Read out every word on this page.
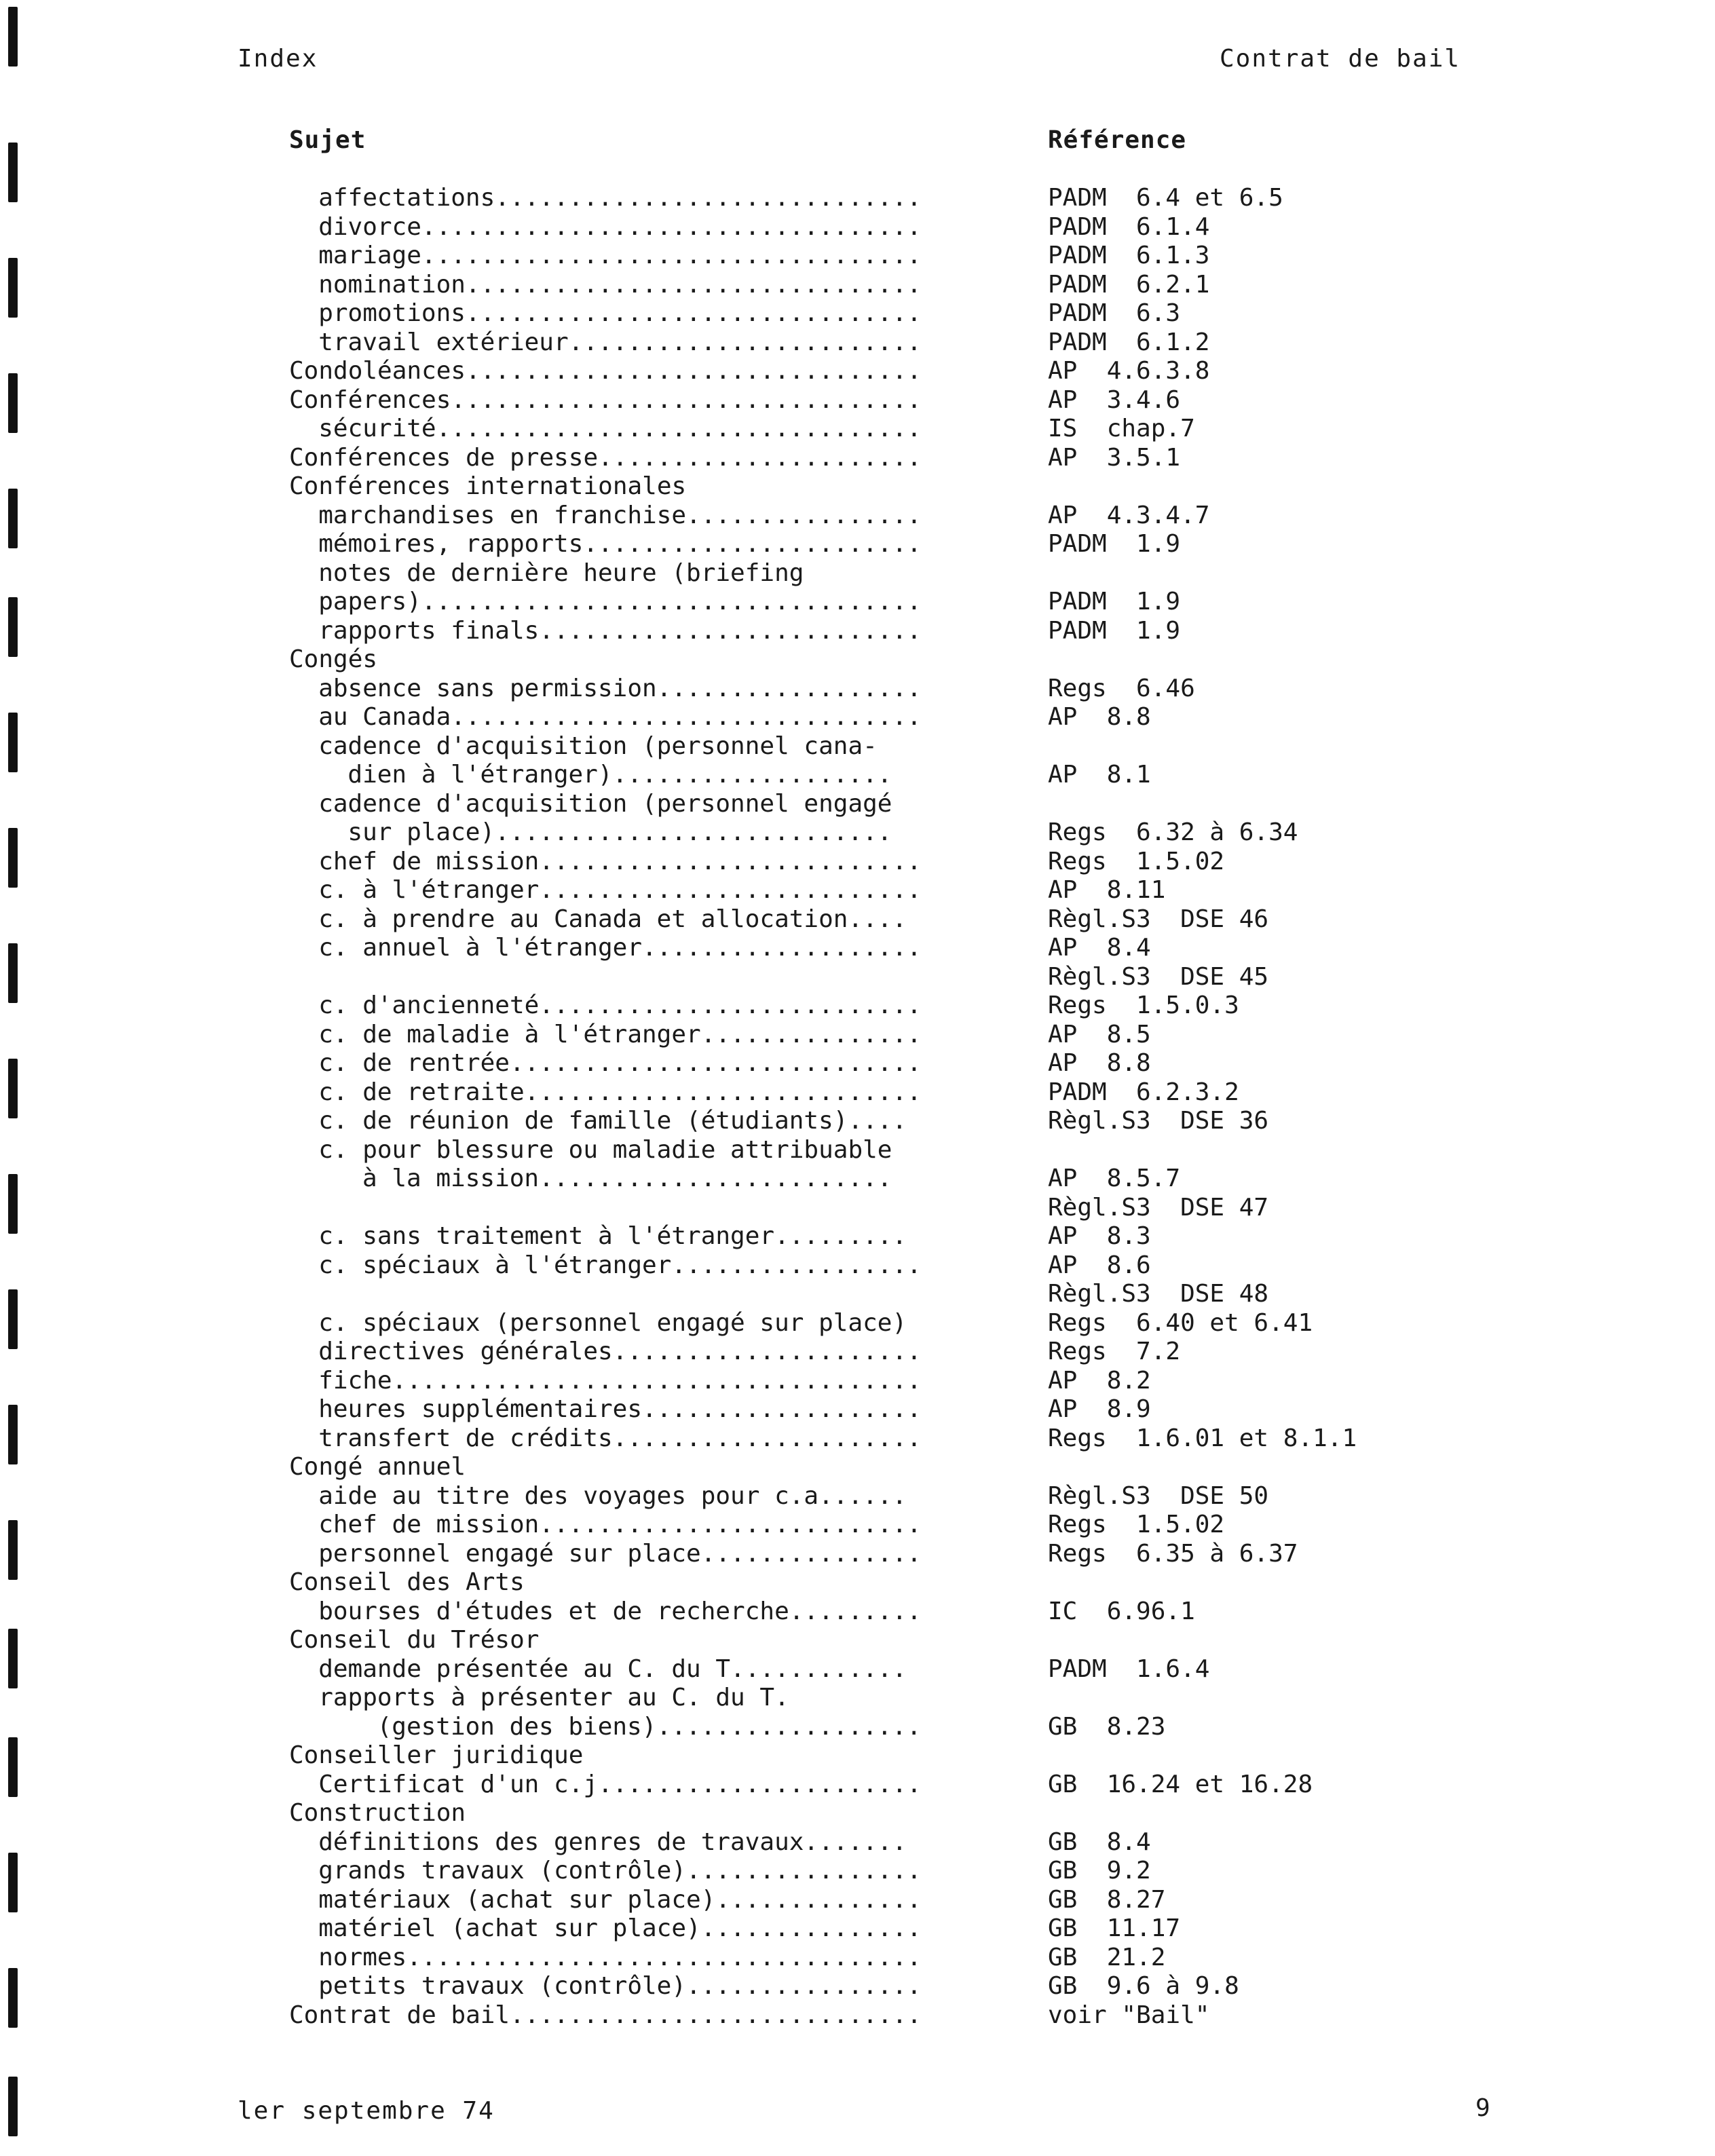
Index	Contrat de bail
Sujet	Référence
affectations.............................	PADM  6.4 et 6.5
divorce..................................	PADM  6.1.4
mariage..................................	PADM  6.1.3
nomination...............................	PADM  6.2.1
promotions...............................	PADM  6.3
travail extérieur........................	PADM  6.1.2
Condoléances...............................	AP  4.6.3.8
Conférences................................	AP  3.4.6
sécurité.................................	IS  chap.7
Conférences de presse......................	AP  3.5.1
Conférences internationales
marchandises en franchise................	AP  4.3.4.7
mémoires, rapports.......................	PADM  1.9
notes de dernière heure (briefing
papers)..................................	PADM  1.9
rapports finals..........................	PADM  1.9
Congés
absence sans permission..................	Regs  6.46
au Canada................................	AP  8.8
cadence d'acquisition (personnel cana-
dien à l'étranger)...................	AP  8.1
cadence d'acquisition (personnel engagé
sur place)...........................	Regs  6.32 à 6.34
chef de mission..........................	Regs  1.5.02
c. à l'étranger..........................	AP  8.11
c. à prendre au Canada et allocation....	Règl.S3  DSE 46
c. annuel à l'étranger...................	AP  8.4
Règl.S3  DSE 45
c. d'ancienneté..........................	Regs  1.5.0.3
c. de maladie à l'étranger...............	AP  8.5
c. de rentrée............................	AP  8.8
c. de retraite...........................	PADM  6.2.3.2
c. de réunion de famille (étudiants)....	Règl.S3  DSE 36
c. pour blessure ou maladie attribuable
à la mission........................	AP  8.5.7
Règl.S3  DSE 47
c. sans traitement à l'étranger.........	AP  8.3
c. spéciaux à l'étranger.................	AP  8.6
Règl.S3  DSE 48
c. spéciaux (personnel engagé sur place)	Regs  6.40 et 6.41
directives générales.....................	Regs  7.2
fiche....................................	AP  8.2
heures supplémentaires...................	AP  8.9
transfert de crédits.....................	Regs  1.6.01 et 8.1.1
Congé annuel
aide au titre des voyages pour c.a......	Règl.S3  DSE 50
chef de mission..........................	Regs  1.5.02
personnel engagé sur place...............	Regs  6.35 à 6.37
Conseil des Arts
bourses d'études et de recherche.........	IC  6.96.1
Conseil du Trésor
demande présentée au C. du T............	PADM  1.6.4
rapports à présenter au C. du T.
(gestion des biens)..................	GB  8.23
Conseiller juridique
Certificat d'un c.j......................	GB  16.24 et 16.28
Construction
définitions des genres de travaux.......	GB  8.4
grands travaux (contrôle)................	GB  9.2
matériaux (achat sur place)..............	GB  8.27
matériel (achat sur place)...............	GB  11.17
normes...................................	GB  21.2
petits travaux (contrôle)................	GB  9.6 à 9.8
Contrat de bail............................	voir "Bail"
ler septembre 74	9
